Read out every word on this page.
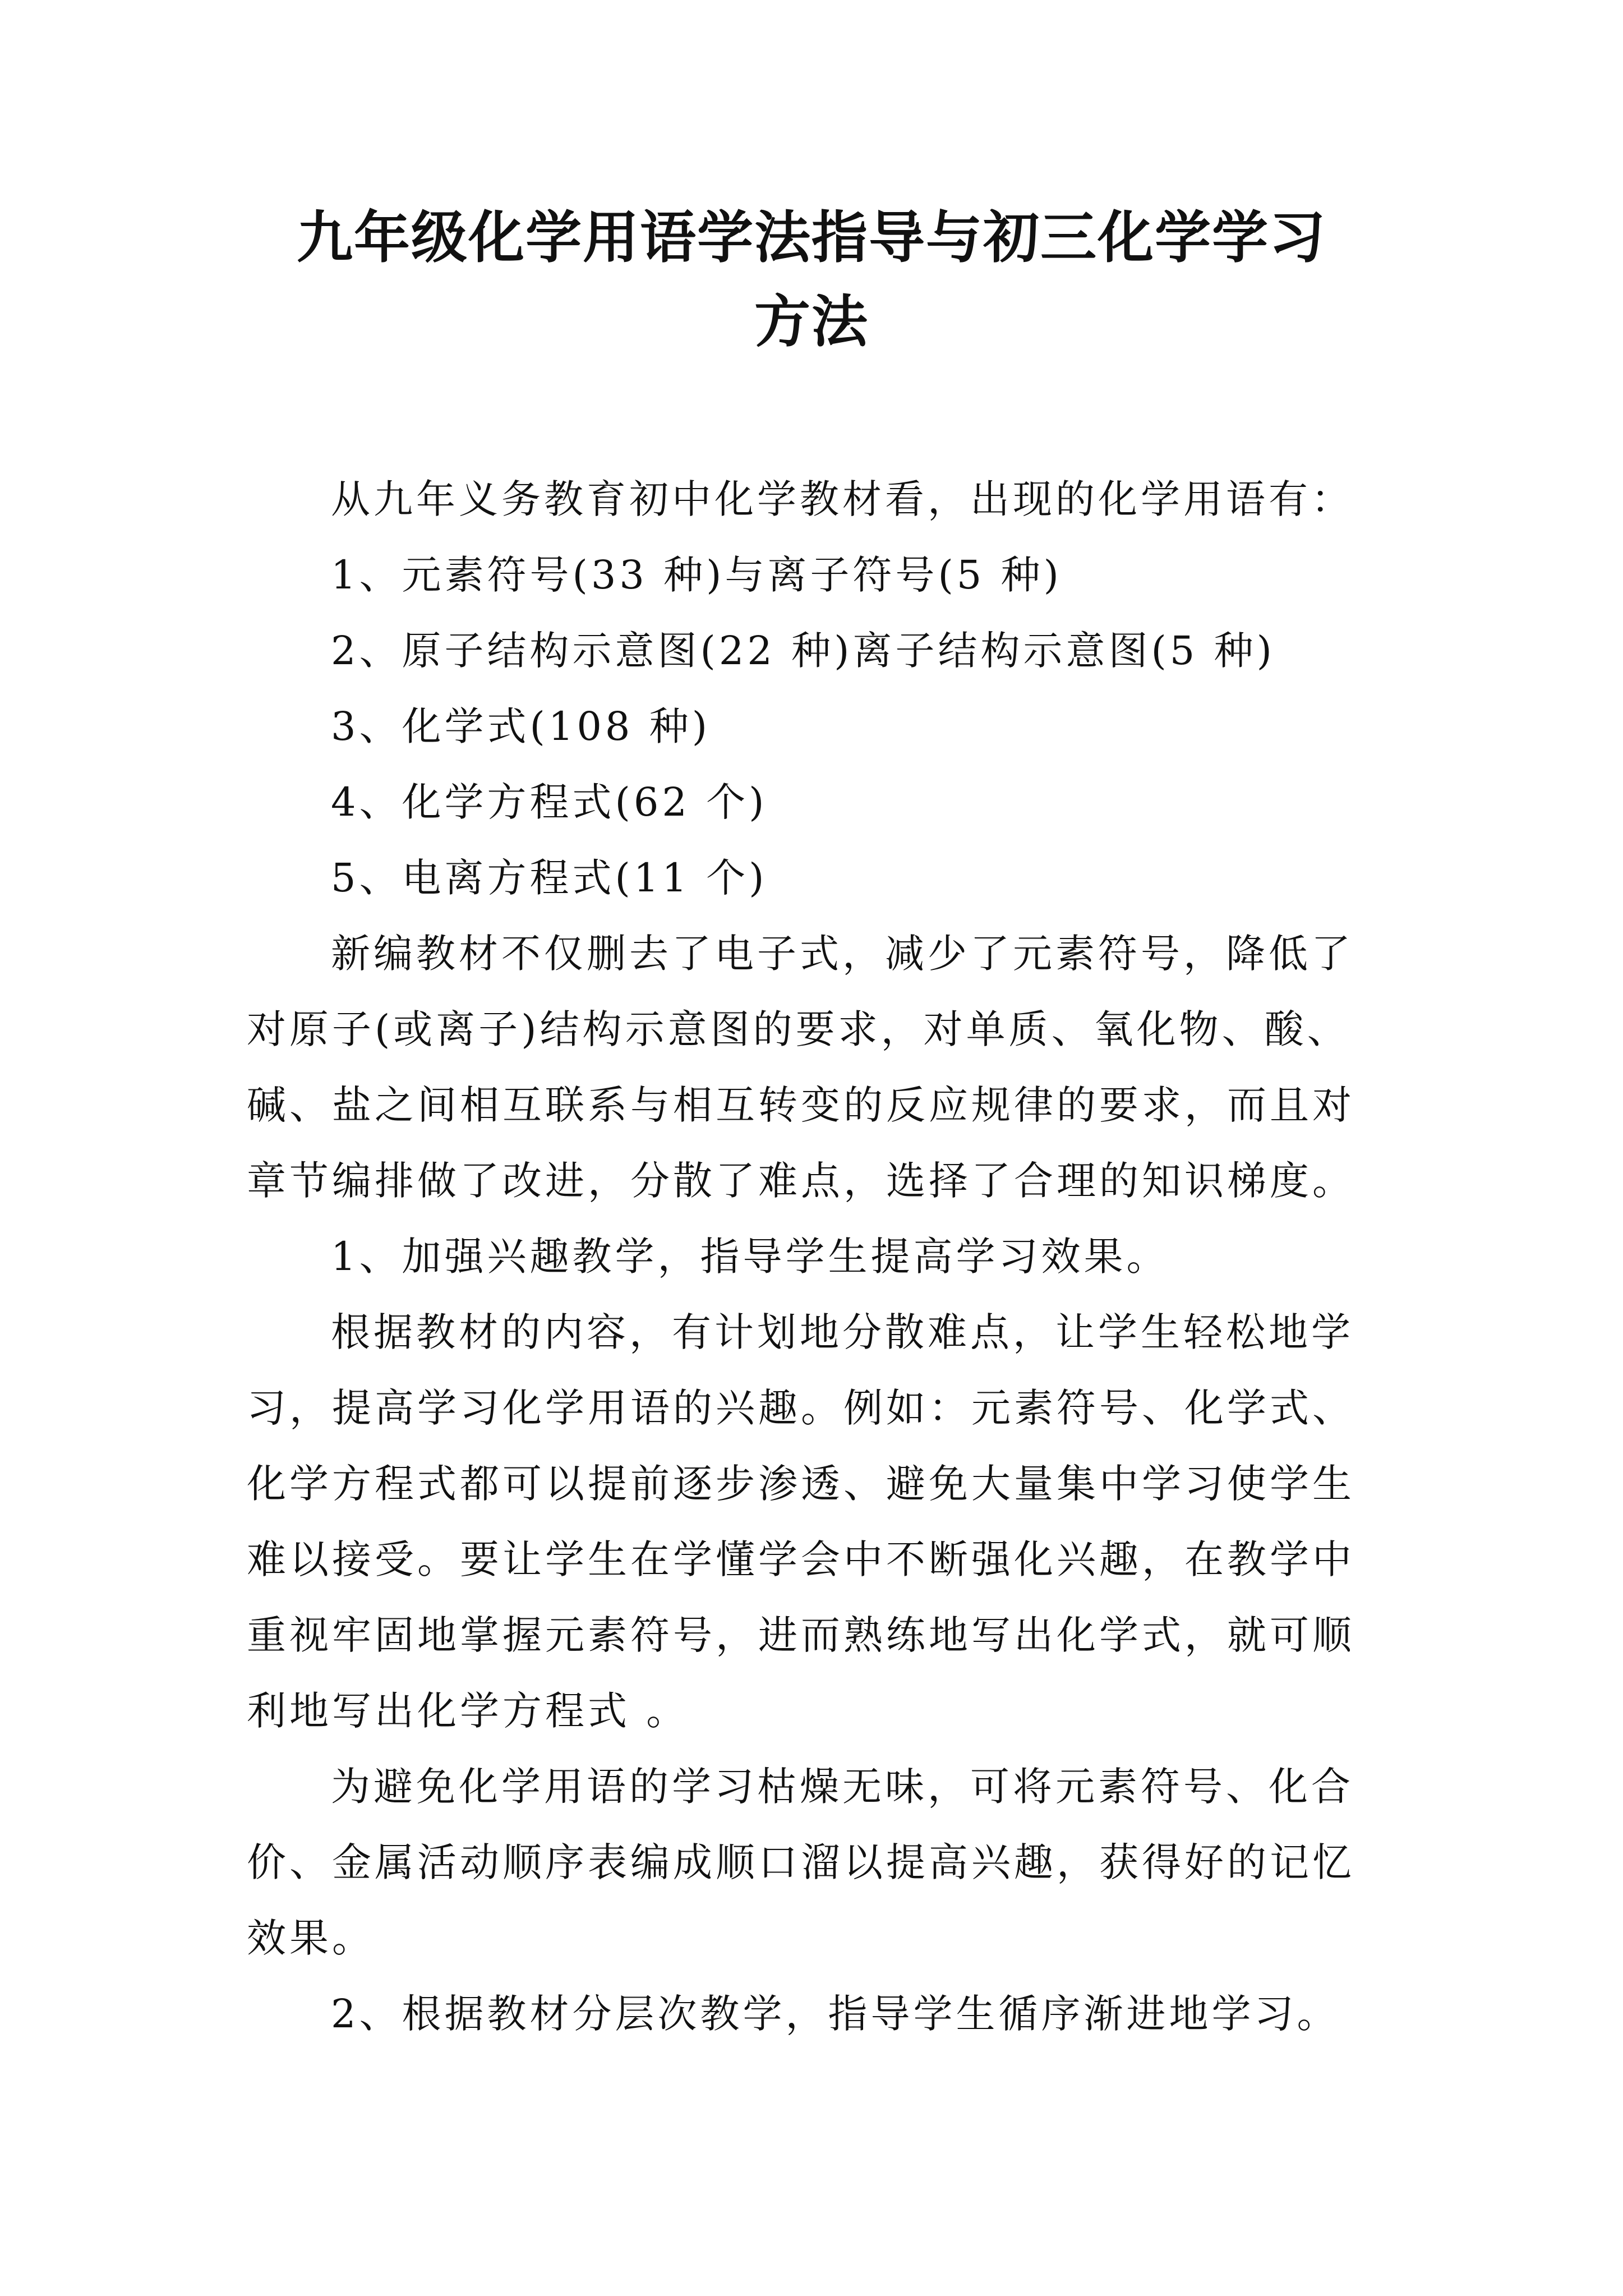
九年级化学用语学法指导与初三化学学习
方法
从九年义务教育初中化学教材看，出现的化学用语有：
1、元素符号(33 种)与离子符号(5 种)
2、原子结构示意图(22 种)离子结构示意图(5 种)
3、化学式(108 种)
4、化学方程式(62 个)
5、电离方程式(11 个)
新编教材不仅删去了电子式，减少了元素符号，降低了
对原子(或离子)结构示意图的要求，对单质、氧化物、酸、
碱、盐之间相互联系与相互转变的反应规律的要求，而且对
章节编排做了改进，分散了难点，选择了合理的知识梯度。
1、加强兴趣教学，指导学生提高学习效果。
根据教材的内容，有计划地分散难点，让学生轻松地学
习，提高学习化学用语的兴趣。例如：元素符号、化学式、
化学方程式都可以提前逐步渗透、避免大量集中学习使学生
难以接受。要让学生在学懂学会中不断强化兴趣，在教学中
重视牢固地掌握元素符号，进而熟练地写出化学式，就可顺
利地写出化学方程式 。
为避免化学用语的学习枯燥无味，可将元素符号、化合
价、金属活动顺序表编成顺口溜以提高兴趣，获得好的记忆
效果。
2、根据教材分层次教学，指导学生循序渐进地学习。
